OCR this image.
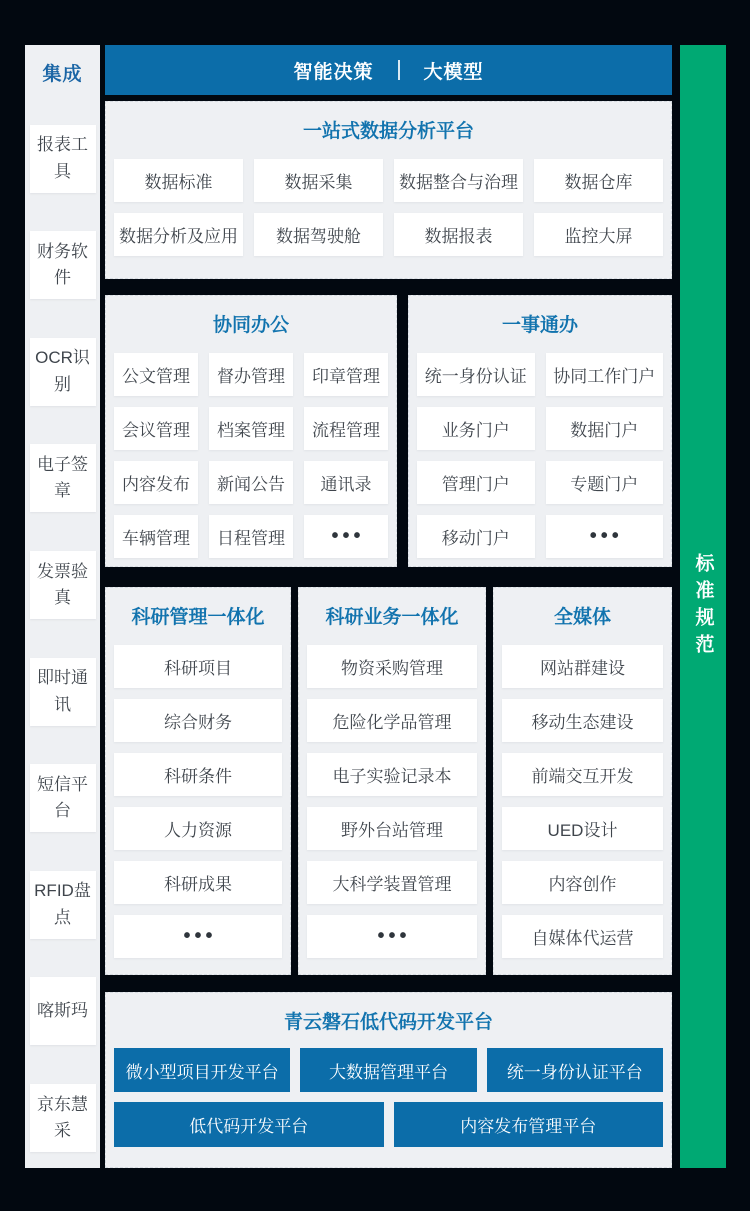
集成
报表工具
财务软件
OCR识别
电子签章
发票验真
即时通讯
短信平台
RFID盘点
喀斯玛
京东慧采
智能决策	大模型
一站式数据分析平台
数据标准	数据采集	数据整合与治理	数据仓库
数据分析及应用	数据驾驶舱	数据报表	监控大屏
协同办公
公文管理	督办管理	印章管理
会议管理	档案管理	流程管理
内容发布	新闻公告	通讯录
车辆管理	日程管理	•••
一事通办
统一身份认证	协同工作门户
业务门户	数据门户
管理门户	专题门户
移动门户	•••
科研管理一体化
科研项目
综合财务
科研条件
人力资源
科研成果
•••
科研业务一体化
物资采购管理
危险化学品管理
电子实验记录本
野外台站管理
大科学装置管理
•••
全媒体
网站群建设
移动生态建设
前端交互开发
UED设计
内容创作
自媒体代运营
青云磐石低代码开发平台
微小型项目开发平台	大数据管理平台	统一身份认证平台
低代码开发平台	内容发布管理平台
标准规范
